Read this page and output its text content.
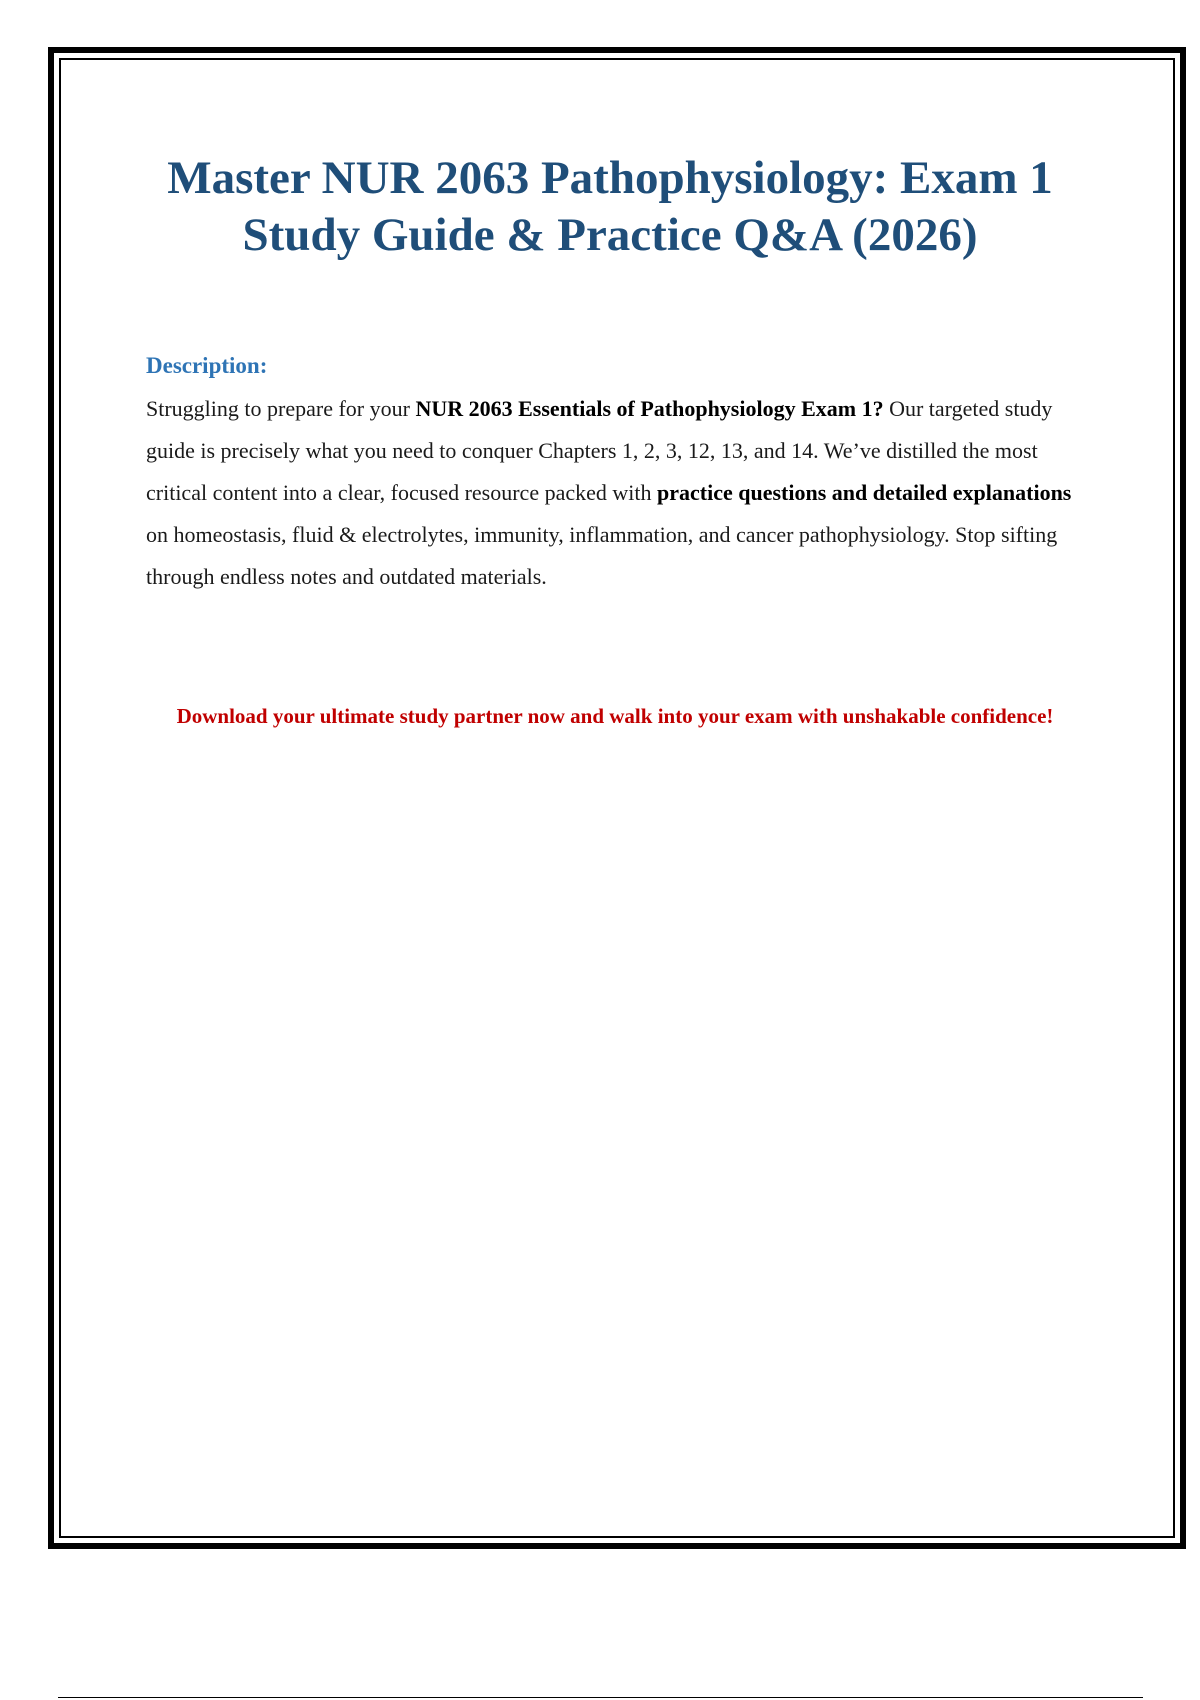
Master NUR 2063 Pathophysiology: Exam 1 Study Guide & Practice Q&A (2026)

Description:

Struggling to prepare for your NUR 2063 Essentials of Pathophysiology Exam 1? Our targeted study guide is precisely what you need to conquer Chapters 1, 2, 3, 12, 13, and 14. We’ve distilled the most critical content into a clear, focused resource packed with practice questions and detailed explanations on homeostasis, fluid & electrolytes, immunity, inflammation, and cancer pathophysiology. Stop sifting through endless notes and outdated materials.

Download your ultimate study partner now and walk into your exam with unshakable confidence!
